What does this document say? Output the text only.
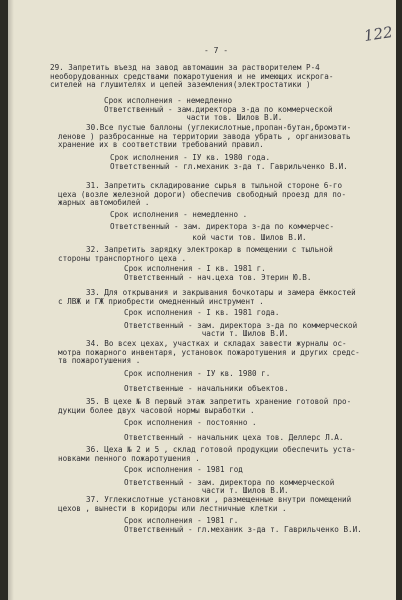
- 7 -
122
29. Запретить въезд на завод автомашин за растворителем Р-4
необорудованных средствами пожаротушения и не имеющих искрога-
сителей на глушителях и цепей заземления(электростатики )
Срок исполнения - немедленно
Ответственный - зам.директора з-да по коммерческой
части тов. Шилов В.И.
30.Все пустые баллоны (углекислотные,пропан-бутан,бромэти-
ленове ) разбросанные на территории завода убрать , организовать
хранение их в соответствии требований правил.
Срок исполнения - IУ кв. 1980 года.
Ответственный - гл.механик з-да т. Гаврильченко В.И.
31. Запретить складирование сырья в тыльной стороне 6-го
цеха (возле железной дороги) обеспечив свободный проезд для по-
жарных автомобилей .
Срок исполнения - немедленно .
Ответственный - зам. директора з-да по коммерчес-
кой части тов. Шилов В.И.
32. Запретить зарядку электрокар в помещении с тыльной
стороны транспортного цеха .
Срок исполнения - I кв. 1981 г.
Ответственный - нач.цеха тов. Этерин Ю.В.
33. Для открывания и закрывания бочкотары и замера ёмкостей
с ЛВЖ и ГЖ приобрести омедненный инструмент .
Срок исполнения - I кв. 1981 года.
Ответственный - зам. директора з-да по коммерческой
части т. Шилов В.И.
34. Во всех цехах, участках и складах завести журналы ос-
мотра пожарного инвентаря, установок пожаротушения и других средс-
тв пожаротушения .
Срок исполнения - IУ кв. 1980 г.
Ответственные - начальники объектов.
35. В цехе № 8 первый этаж запретить хранение готовой про-
дукции более двух часовой нормы выработки .
Срок исполнения - постоянно .
Ответственный - начальник цеха тов. Деллерс Л.А.
36. Цеха № 2 и 5 , склад готовой продукции обеспечить уста-
новками пенного пожаротушения .
Срок исполнения - 1981 год
Ответственный - зам. директора по коммерческой
части т. Шилов В.И.
37. Углекислотные установки , размещенные внутри помещений
цехов , вынести в коридоры или лестничные клетки .
Срок исполнения - 1981 г.
Ответственный - гл.механик з-да т. Гаврильченко В.И.
